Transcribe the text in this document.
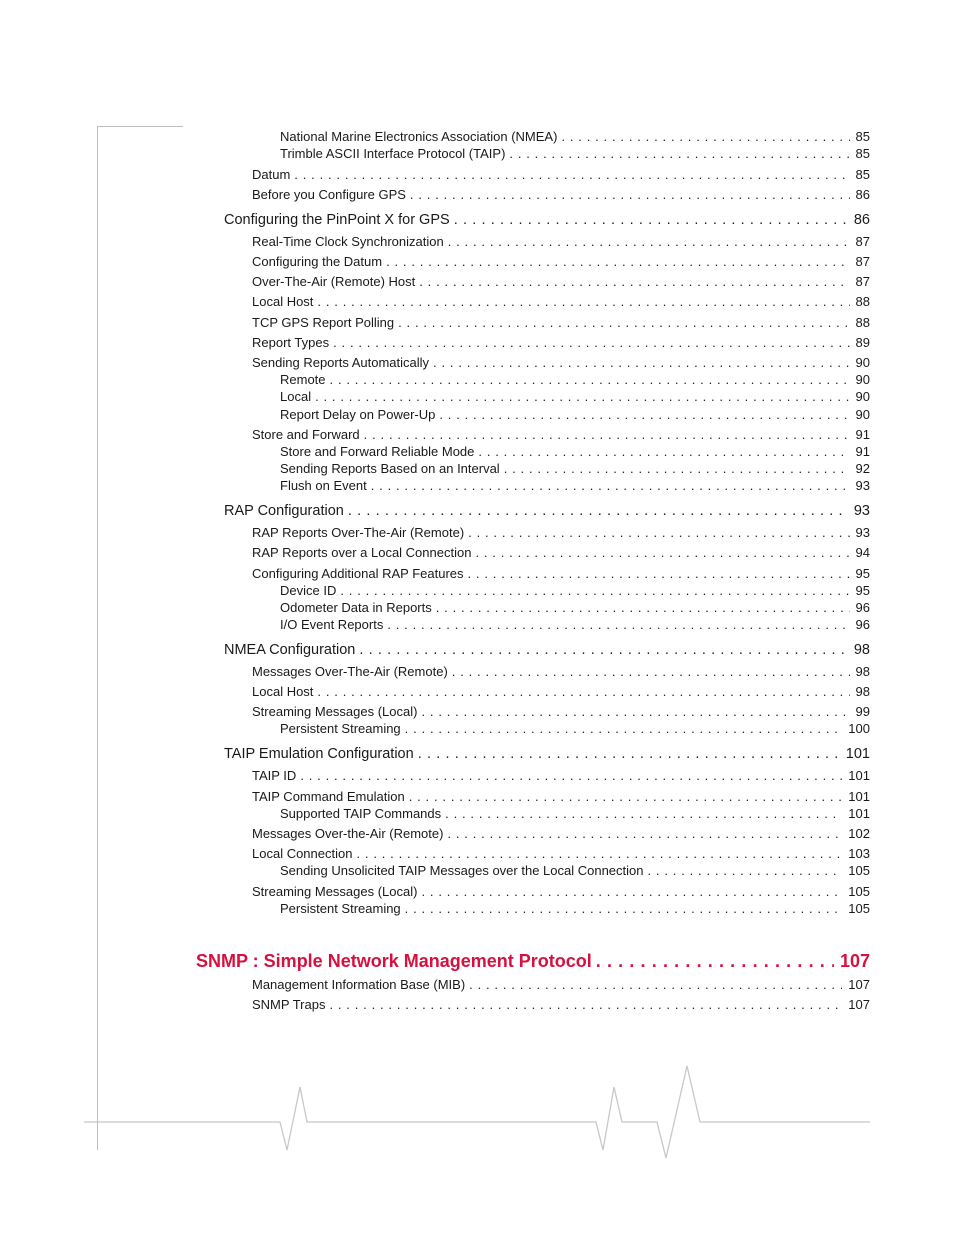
National Marine Electronics Association (NMEA) . . .	85
Trimble ASCII Interface Protocol (TAIP) . . .	85
Datum . . .	85
Before you Configure GPS . . .	86
Configuring the PinPoint X for GPS . . .	86
Real-Time Clock Synchronization . . .	87
Configuring the Datum . . .	87
Over-The-Air (Remote) Host . . .	87
Local Host . . .	88
TCP GPS Report Polling . . .	88
Report Types . . .	89
Sending Reports Automatically . . .	90
Remote . . .	90
Local . . .	90
Report Delay on Power-Up . . .	90
Store and Forward . . .	91
Store and Forward Reliable Mode . . .	91
Sending Reports Based on an Interval . . .	92
Flush on Event . . .	93
RAP Configuration . . .	93
RAP Reports Over-The-Air (Remote) . . .	93
RAP Reports over a Local Connection . . .	94
Configuring Additional RAP Features . . .	95
Device ID . . .	95
Odometer Data in Reports . . .	96
I/O Event Reports . . .	96
NMEA Configuration . . .	98
Messages Over-The-Air (Remote) . . .	98
Local Host . . .	98
Streaming Messages (Local) . . .	99
Persistent Streaming . . .	100
TAIP Emulation Configuration . . .	101
TAIP ID . . .	101
TAIP Command Emulation . . .	101
Supported TAIP Commands . . .	101
Messages Over-the-Air (Remote) . . .	102
Local Connection . . .	103
Sending Unsolicited TAIP Messages over the Local Connection . . .	105
Streaming Messages (Local) . . .	105
Persistent Streaming . . .	105
SNMP : Simple Network Management Protocol . . .	107
Management Information Base (MIB) . . .	107
SNMP Traps . . .	107
